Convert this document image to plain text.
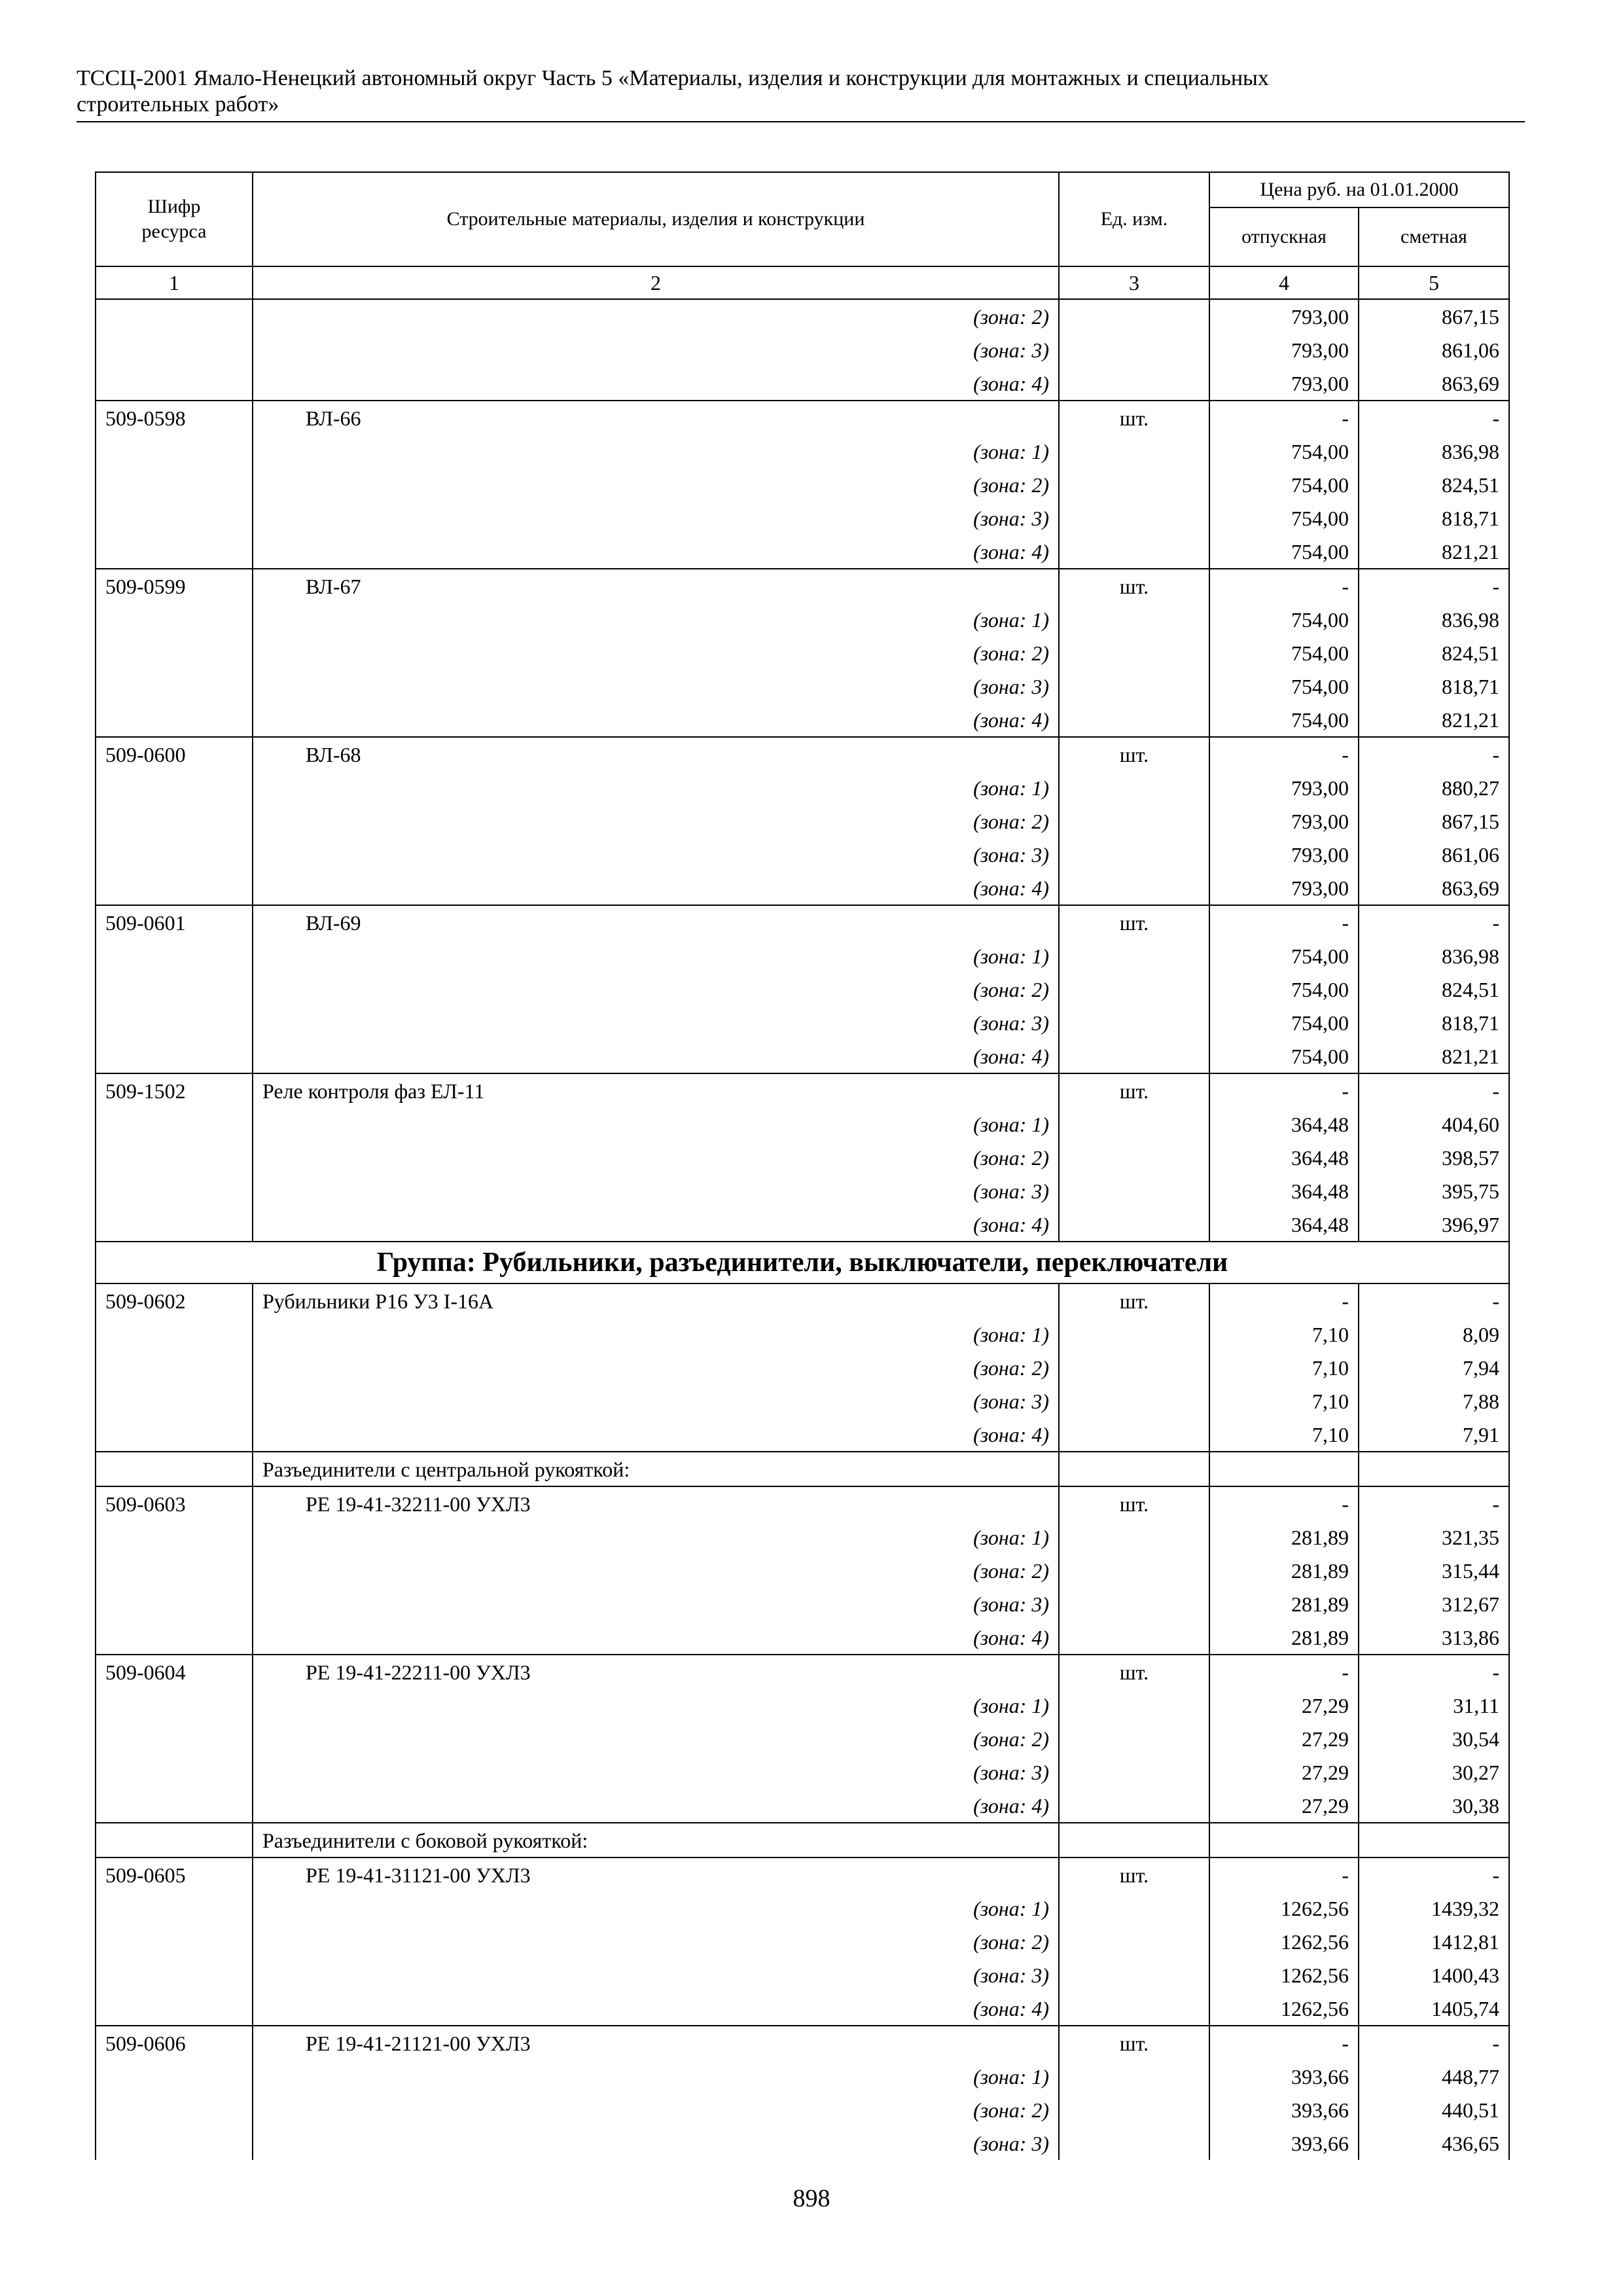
ТССЦ-2001 Ямало-Ненецкий автономный округ Часть 5 «Материалы, изделия и конструкции для монтажных и специальных
строительных работ»
Шифр ресурса	Строительные материалы, изделия и конструкции	Ед. изм.	Цена руб. на 01.01.2000	
			отпускная	сметная
1	2	3	4	5
	(зона: 2)		793,00	867,15
	(зона: 3)		793,00	861,06
	(зона: 4)		793,00	863,69
509-0598	ВЛ-66	шт.	-	-
	(зона: 1)		754,00	836,98
	(зона: 2)		754,00	824,51
	(зона: 3)		754,00	818,71
	(зона: 4)		754,00	821,21
509-0599	ВЛ-67	шт.	-	-
	(зона: 1)		754,00	836,98
	(зона: 2)		754,00	824,51
	(зона: 3)		754,00	818,71
	(зона: 4)		754,00	821,21
509-0600	ВЛ-68	шт.	-	-
	(зона: 1)		793,00	880,27
	(зона: 2)		793,00	867,15
	(зона: 3)		793,00	861,06
	(зона: 4)		793,00	863,69
509-0601	ВЛ-69	шт.	-	-
	(зона: 1)		754,00	836,98
	(зона: 2)		754,00	824,51
	(зона: 3)		754,00	818,71
	(зона: 4)		754,00	821,21
509-1502	Реле контроля фаз ЕЛ-11	шт.	-	-
	(зона: 1)		364,48	404,60
	(зона: 2)		364,48	398,57
	(зона: 3)		364,48	395,75
	(зона: 4)		364,48	396,97
Группа: Рубильники, разъединители, выключатели, переключатели				
509-0602	Рубильники Р16 У3 I-16А	шт.	-	-
	(зона: 1)		7,10	8,09
	(зона: 2)		7,10	7,94
	(зона: 3)		7,10	7,88
	(зона: 4)		7,10	7,91
	Разъединители с центральной рукояткой:			
509-0603	РЕ 19-41-32211-00 УХЛ3	шт.	-	-
	(зона: 1)		281,89	321,35
	(зона: 2)		281,89	315,44
	(зона: 3)		281,89	312,67
	(зона: 4)		281,89	313,86
509-0604	РЕ 19-41-22211-00 УХЛ3	шт.	-	-
	(зона: 1)		27,29	31,11
	(зона: 2)		27,29	30,54
	(зона: 3)		27,29	30,27
	(зона: 4)		27,29	30,38
	Разъединители с боковой рукояткой:			
509-0605	РЕ 19-41-31121-00 УХЛ3	шт.	-	-
	(зона: 1)		1262,56	1439,32
	(зона: 2)		1262,56	1412,81
	(зона: 3)		1262,56	1400,43
	(зона: 4)		1262,56	1405,74
509-0606	РЕ 19-41-21121-00 УХЛ3	шт.	-	-
	(зона: 1)		393,66	448,77
	(зона: 2)		393,66	440,51
	(зона: 3)		393,66	436,65
898
